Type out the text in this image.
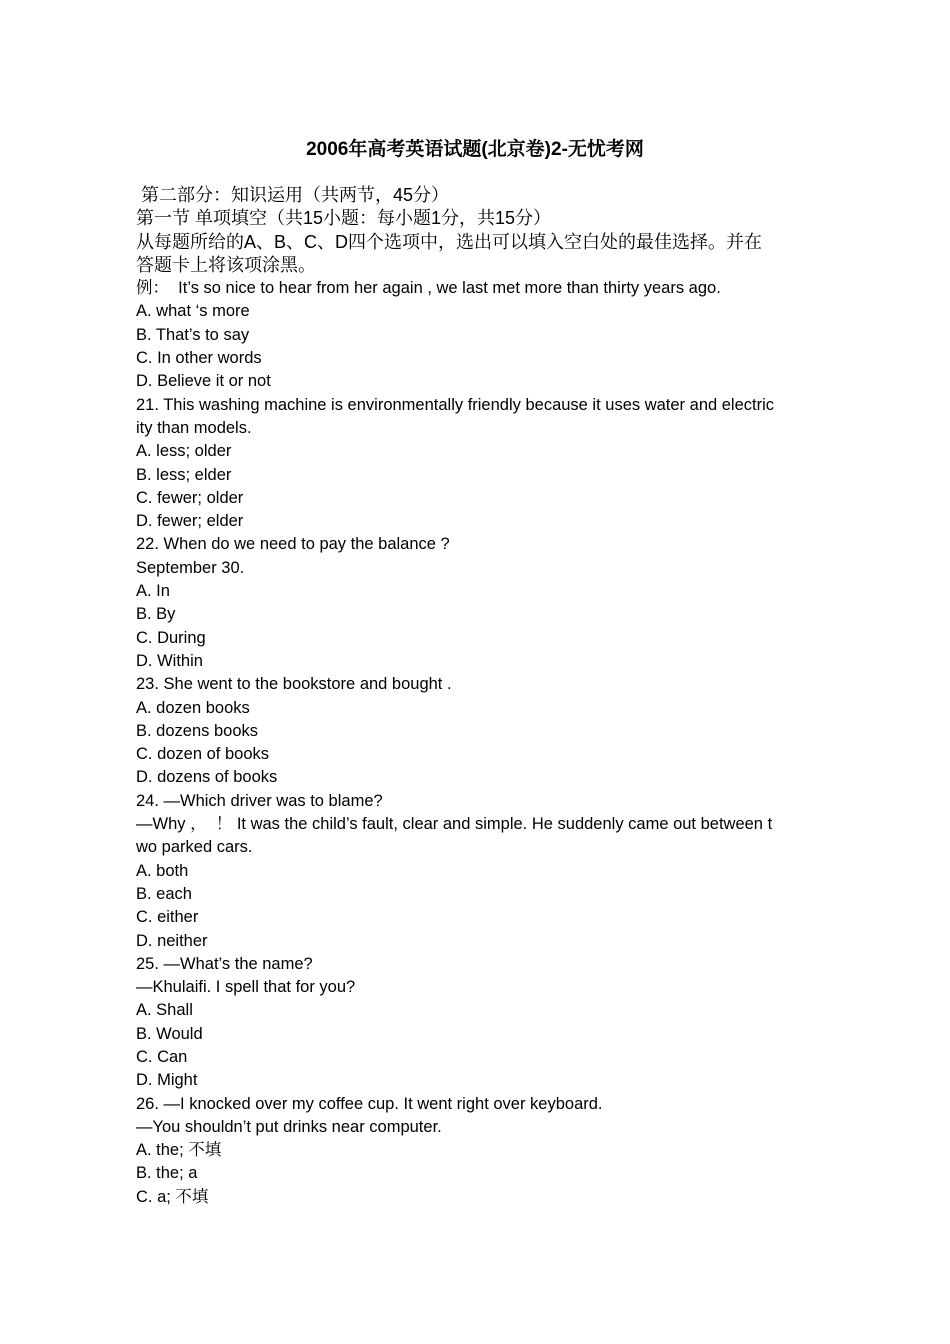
2006年高考英语试题(北京卷)2-无忧考网
第二部分：知识运用（共两节，45分）
第一节 单项填空（共15小题：每小题1分，共15分）
从每题所给的A、B、C、D四个选项中，选出可以填入空白处的最佳选择。并在
答题卡上将该项涂黑。
例：  It’s so nice to hear from her again , we last met more than thirty years ago.
A. what ‘s more
B. That’s to say
C. In other words
D. Believe it or not
21. This washing machine is environmentally friendly because it uses water and electric
ity than models.
A. less; older
B. less; elder
C. fewer; older
D. fewer; elder
22. When do we need to pay the balance ?
September 30.
A. In
B. By
C. During
D. Within
23. She went to the bookstore and bought .
A. dozen books
B. dozens books
C. dozen of books
D. dozens of books
24. —Which driver was to blame?
—Why ，  ！ It was the child’s fault, clear and simple. He suddenly came out between t
wo parked cars.
A. both
B. each
C. either
D. neither
25. —What’s the name?
—Khulaifi. I spell that for you?
A. Shall
B. Would
C. Can
D. Might
26. —I knocked over my coffee cup. It went right over keyboard.
—You shouldn’t put drinks near computer.
A. the; 不填
B. the; a
C. a; 不填
